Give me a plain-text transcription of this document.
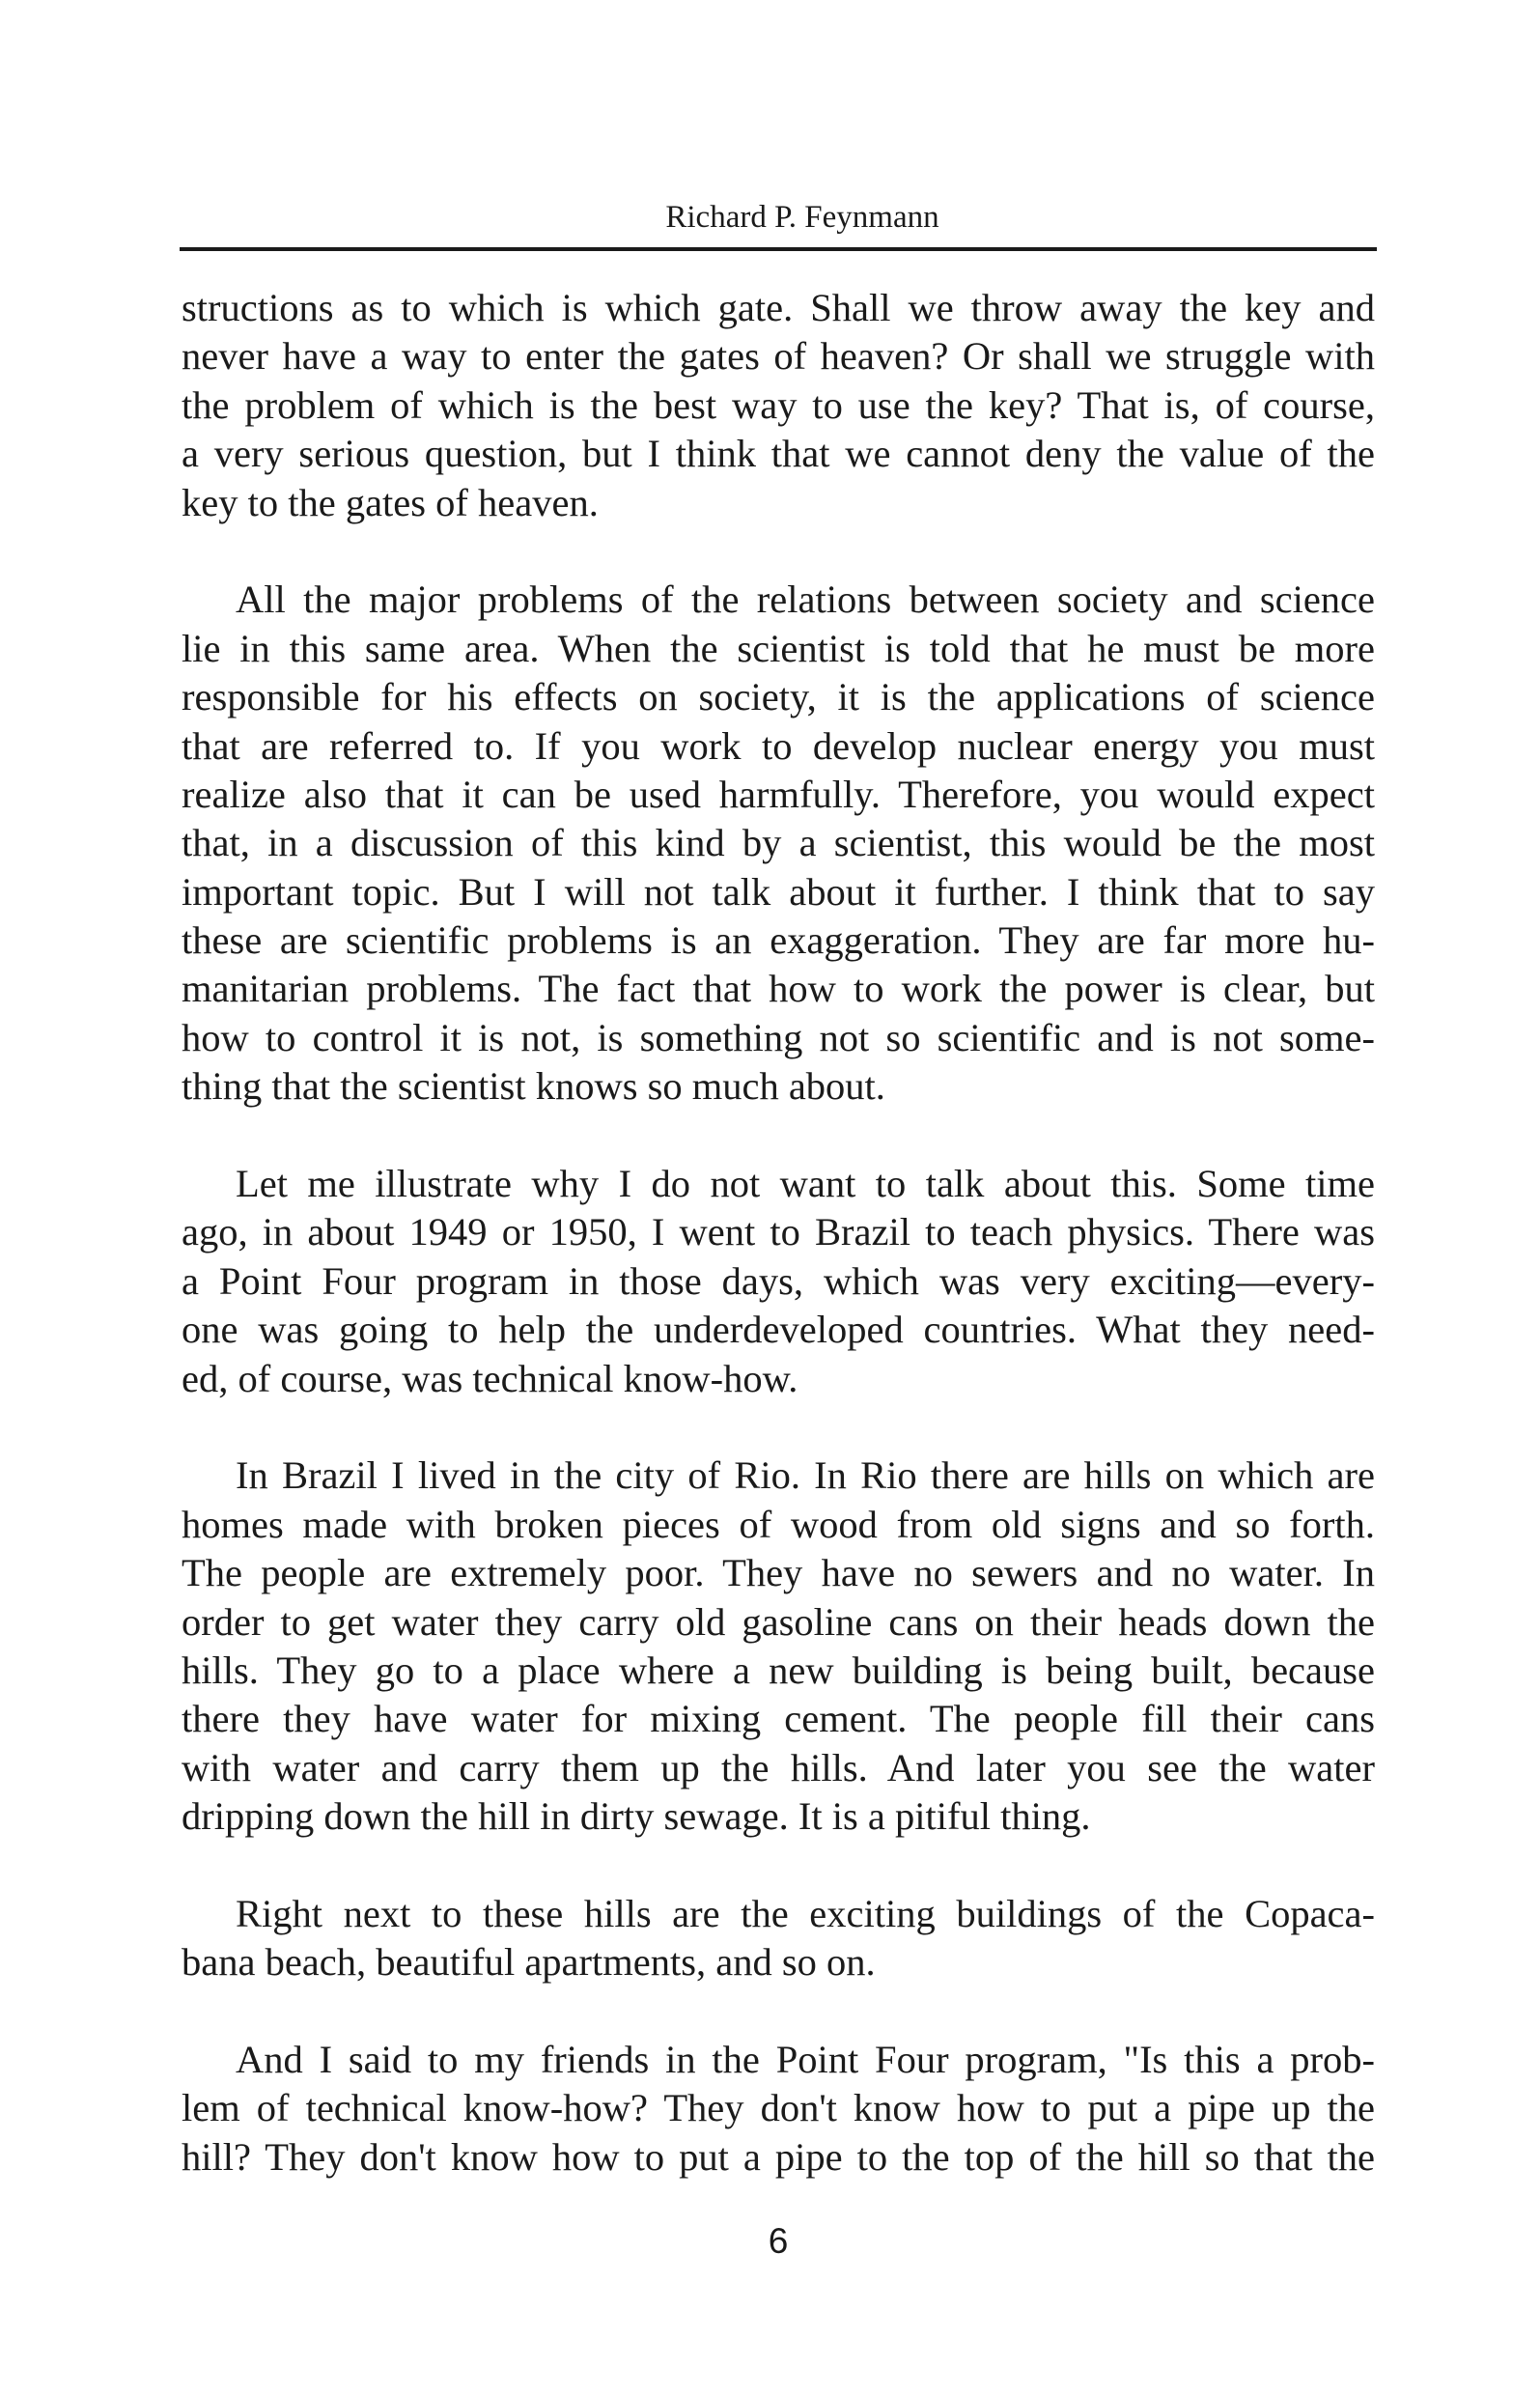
Richard P. Feynmann
structions as to which is which gate. Shall we throw away the key and
never have a way to enter the gates of heaven? Or shall we struggle with
the problem of which is the best way to use the key? That is, of course,
a very serious question, but I think that we cannot deny the value of the
key to the gates of heaven.
All the major problems of the relations between society and science
lie in this same area. When the scientist is told that he must be more
responsible for his effects on society, it is the applications of science
that are referred to. If you work to develop nuclear energy you must
realize also that it can be used harmfully. Therefore, you would expect
that, in a discussion of this kind by a scientist, this would be the most
important topic. But I will not talk about it further. I think that to say
these are scientific problems is an exaggeration. They are far more hu-
manitarian problems. The fact that how to work the power is clear, but
how to control it is not, is something not so scientific and is not some-
thing that the scientist knows so much about.
Let me illustrate why I do not want to talk about this. Some time
ago, in about 1949 or 1950, I went to Brazil to teach physics. There was
a Point Four program in those days, which was very exciting—every-
one was going to help the underdeveloped countries. What they need-
ed, of course, was technical know-how.
In Brazil I lived in the city of Rio. In Rio there are hills on which are
homes made with broken pieces of wood from old signs and so forth.
The people are extremely poor. They have no sewers and no water. In
order to get water they carry old gasoline cans on their heads down the
hills. They go to a place where a new building is being built, because
there they have water for mixing cement. The people fill their cans
with water and carry them up the hills. And later you see the water
dripping down the hill in dirty sewage. It is a pitiful thing.
Right next to these hills are the exciting buildings of the Copaca-
bana beach, beautiful apartments, and so on.
And I said to my friends in the Point Four program, "Is this a prob-
lem of technical know-how? They don't know how to put a pipe up the
hill? They don't know how to put a pipe to the top of the hill so that the
6
